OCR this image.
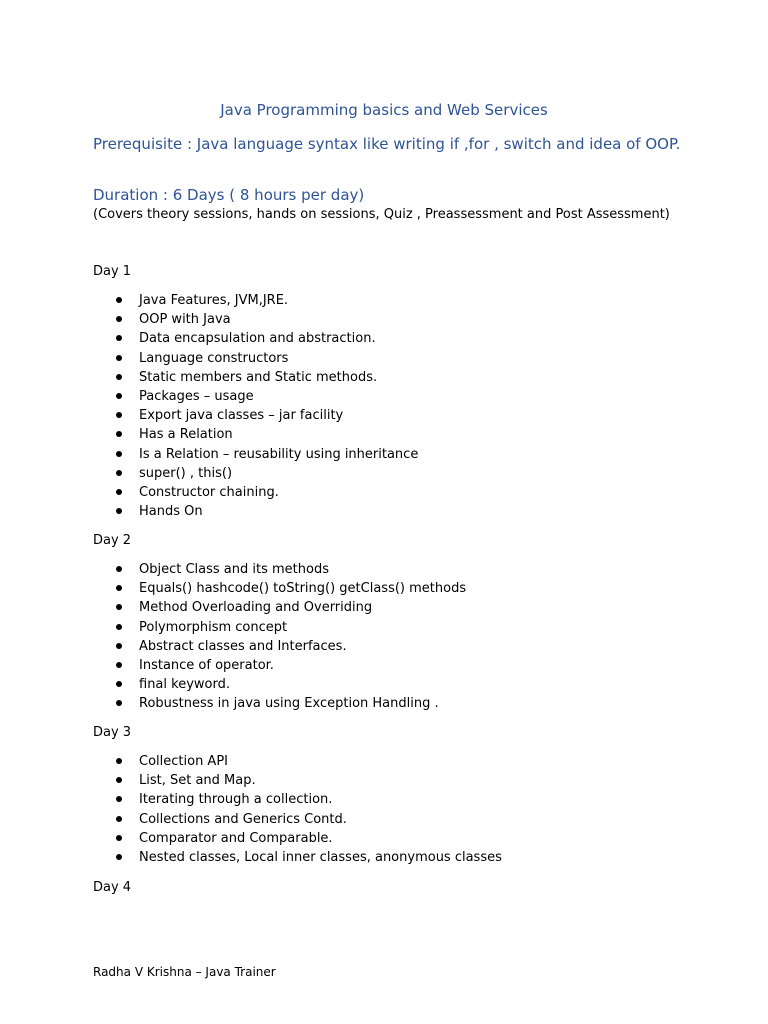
Java Programming basics and Web Services

Prerequisite : Java language syntax like writing if ,for , switch and idea of OOP.

Duration : 6 Days ( 8 hours per day)

(Covers theory sessions, hands on sessions, Quiz , Preassessment and Post Assessment)

Day 1

Java Features, JVM,JRE.
OOP with Java
Data encapsulation and abstraction.
Language constructors
Static members and Static methods.
Packages – usage
Export java classes – jar facility
Has a Relation
Is a Relation – reusability using inheritance
super() , this()
Constructor chaining.
Hands On

Day 2

Object Class and its methods
Equals() hashcode() toString() getClass() methods
Method Overloading and Overriding
Polymorphism concept
Abstract classes and Interfaces.
Instance of operator.
final keyword.
Robustness in java using Exception Handling .

Day 3

Collection API
List, Set and Map.
Iterating through a collection.
Collections and Generics Contd.
Comparator and Comparable.
Nested classes, Local inner classes, anonymous classes

Day 4

Radha V Krishna – Java Trainer
